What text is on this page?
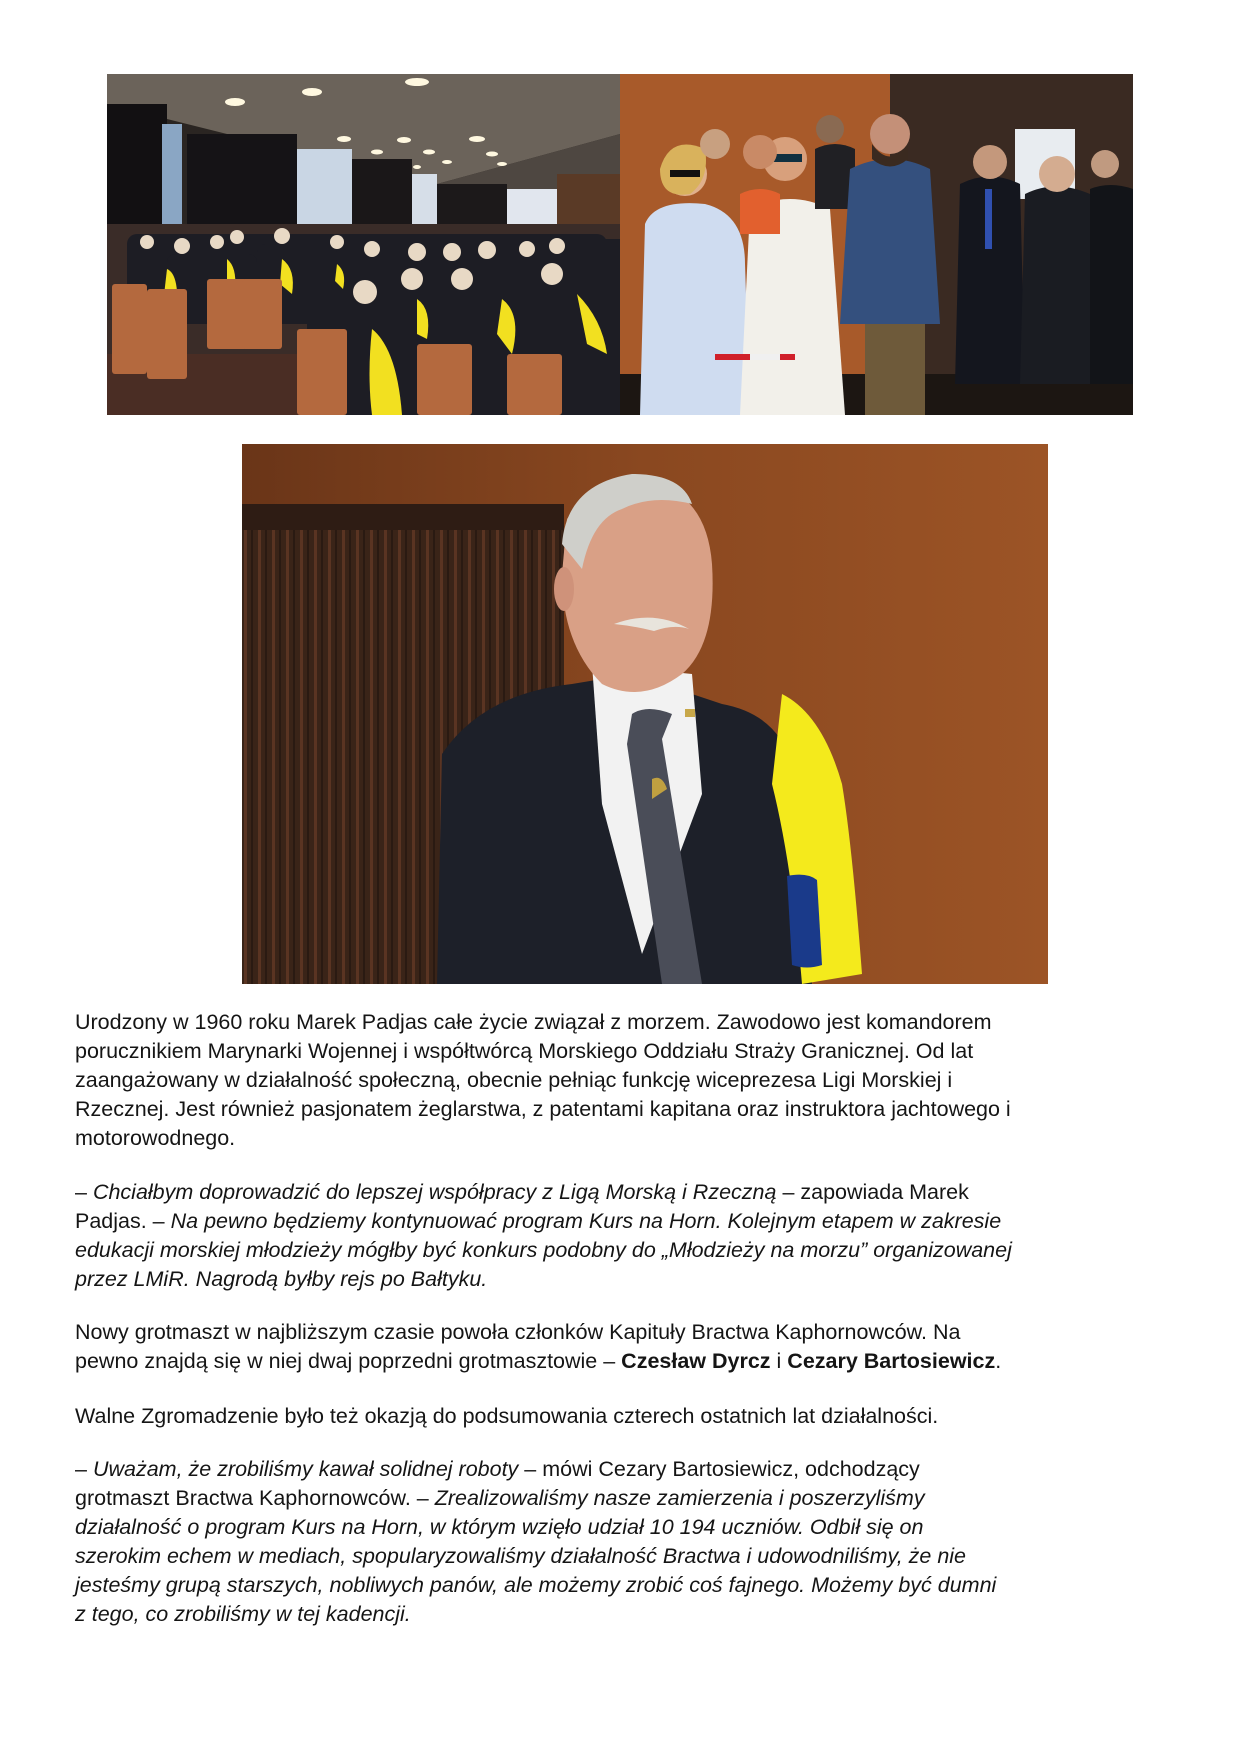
Urodzony w 1960 roku Marek Padjas całe życie związał z morzem. Zawodowo jest komandorem
porucznikiem Marynarki Wojennej i współtwórcą Morskiego Oddziału Straży Granicznej. Od lat
zaangażowany w działalność społeczną, obecnie pełniąc funkcję wiceprezesa Ligi Morskiej i
Rzecznej. Jest również pasjonatem żeglarstwa, z patentami kapitana oraz instruktora jachtowego i
motorowodnego.
– Chciałbym doprowadzić do lepszej współpracy z Ligą Morską i Rzeczną – zapowiada Marek
Padjas. – Na pewno będziemy kontynuować program Kurs na Horn. Kolejnym etapem w zakresie
edukacji morskiej młodzieży mógłby być konkurs podobny do „Młodzieży na morzu” organizowanej
przez LMiR. Nagrodą byłby rejs po Bałtyku.
Nowy grotmaszt w najbliższym czasie powoła członków Kapituły Bractwa Kaphornowców. Na
pewno znajdą się w niej dwaj poprzedni grotmasztowie – Czesław Dyrcz i Cezary Bartosiewicz.
Walne Zgromadzenie było też okazją do podsumowania czterech ostatnich lat działalności.
– Uważam, że zrobiliśmy kawał solidnej roboty – mówi Cezary Bartosiewicz, odchodzący
grotmaszt Bractwa Kaphornowców. – Zrealizowaliśmy nasze zamierzenia i poszerzyliśmy
działalność o program Kurs na Horn, w którym wzięło udział 10 194 uczniów. Odbił się on
szerokim echem w mediach, spopularyzowaliśmy działalność Bractwa i udowodniliśmy, że nie
jesteśmy grupą starszych, nobliwych panów, ale możemy zrobić coś fajnego. Możemy być dumni
z tego, co zrobiliśmy w tej kadencji.
